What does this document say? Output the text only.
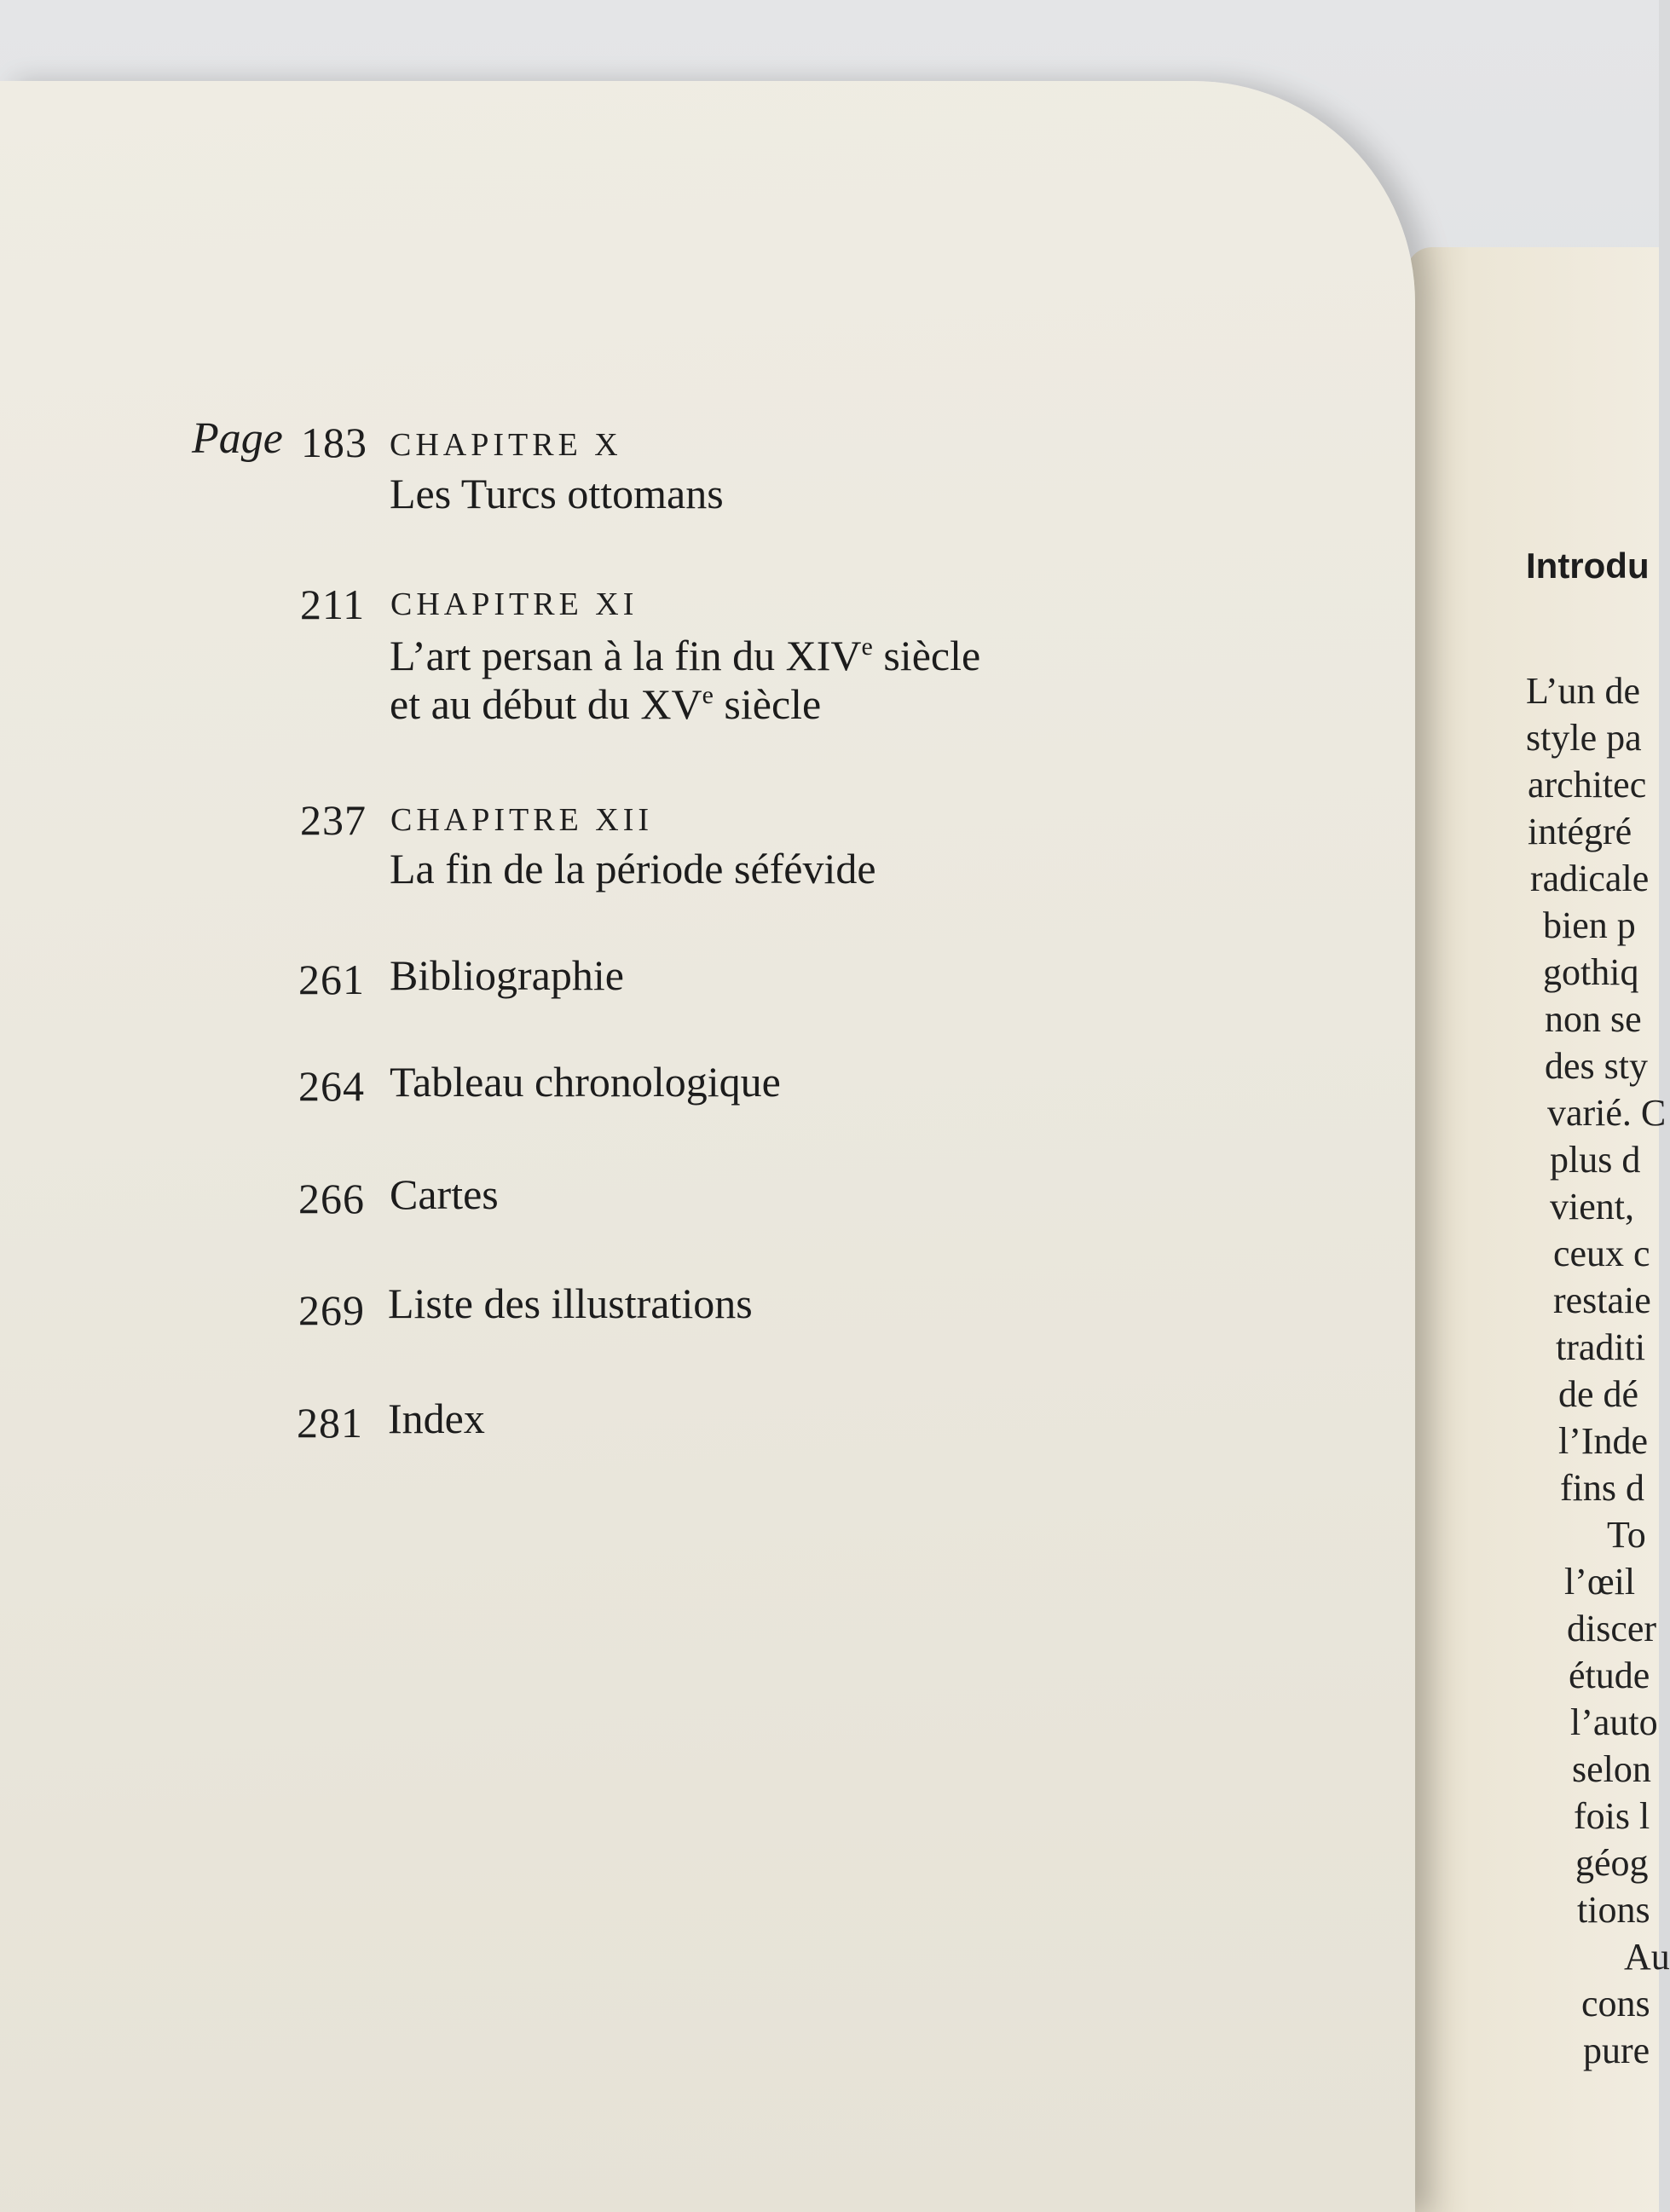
Introdu
L’un de
style pa
architec
intégré
radicale
bien p
gothiq
non se
des sty
varié. C
plus d
vient,
ceux c
restaie
traditi
de dé
l’Inde
fins d
To
l’œil
discer
étude
l’auto
selon
fois l
géog
tions
Au
cons
pure
Page 183 CHAPITRE X
Les Turcs ottomans
211 CHAPITRE XI
L’art persan à la fin du XIVe siècle
et au début du XVe siècle
237 CHAPITRE XII
La fin de la période séfévide
261 Bibliographie
264 Tableau chronologique
266 Cartes
269 Liste des illustrations
281 Index
